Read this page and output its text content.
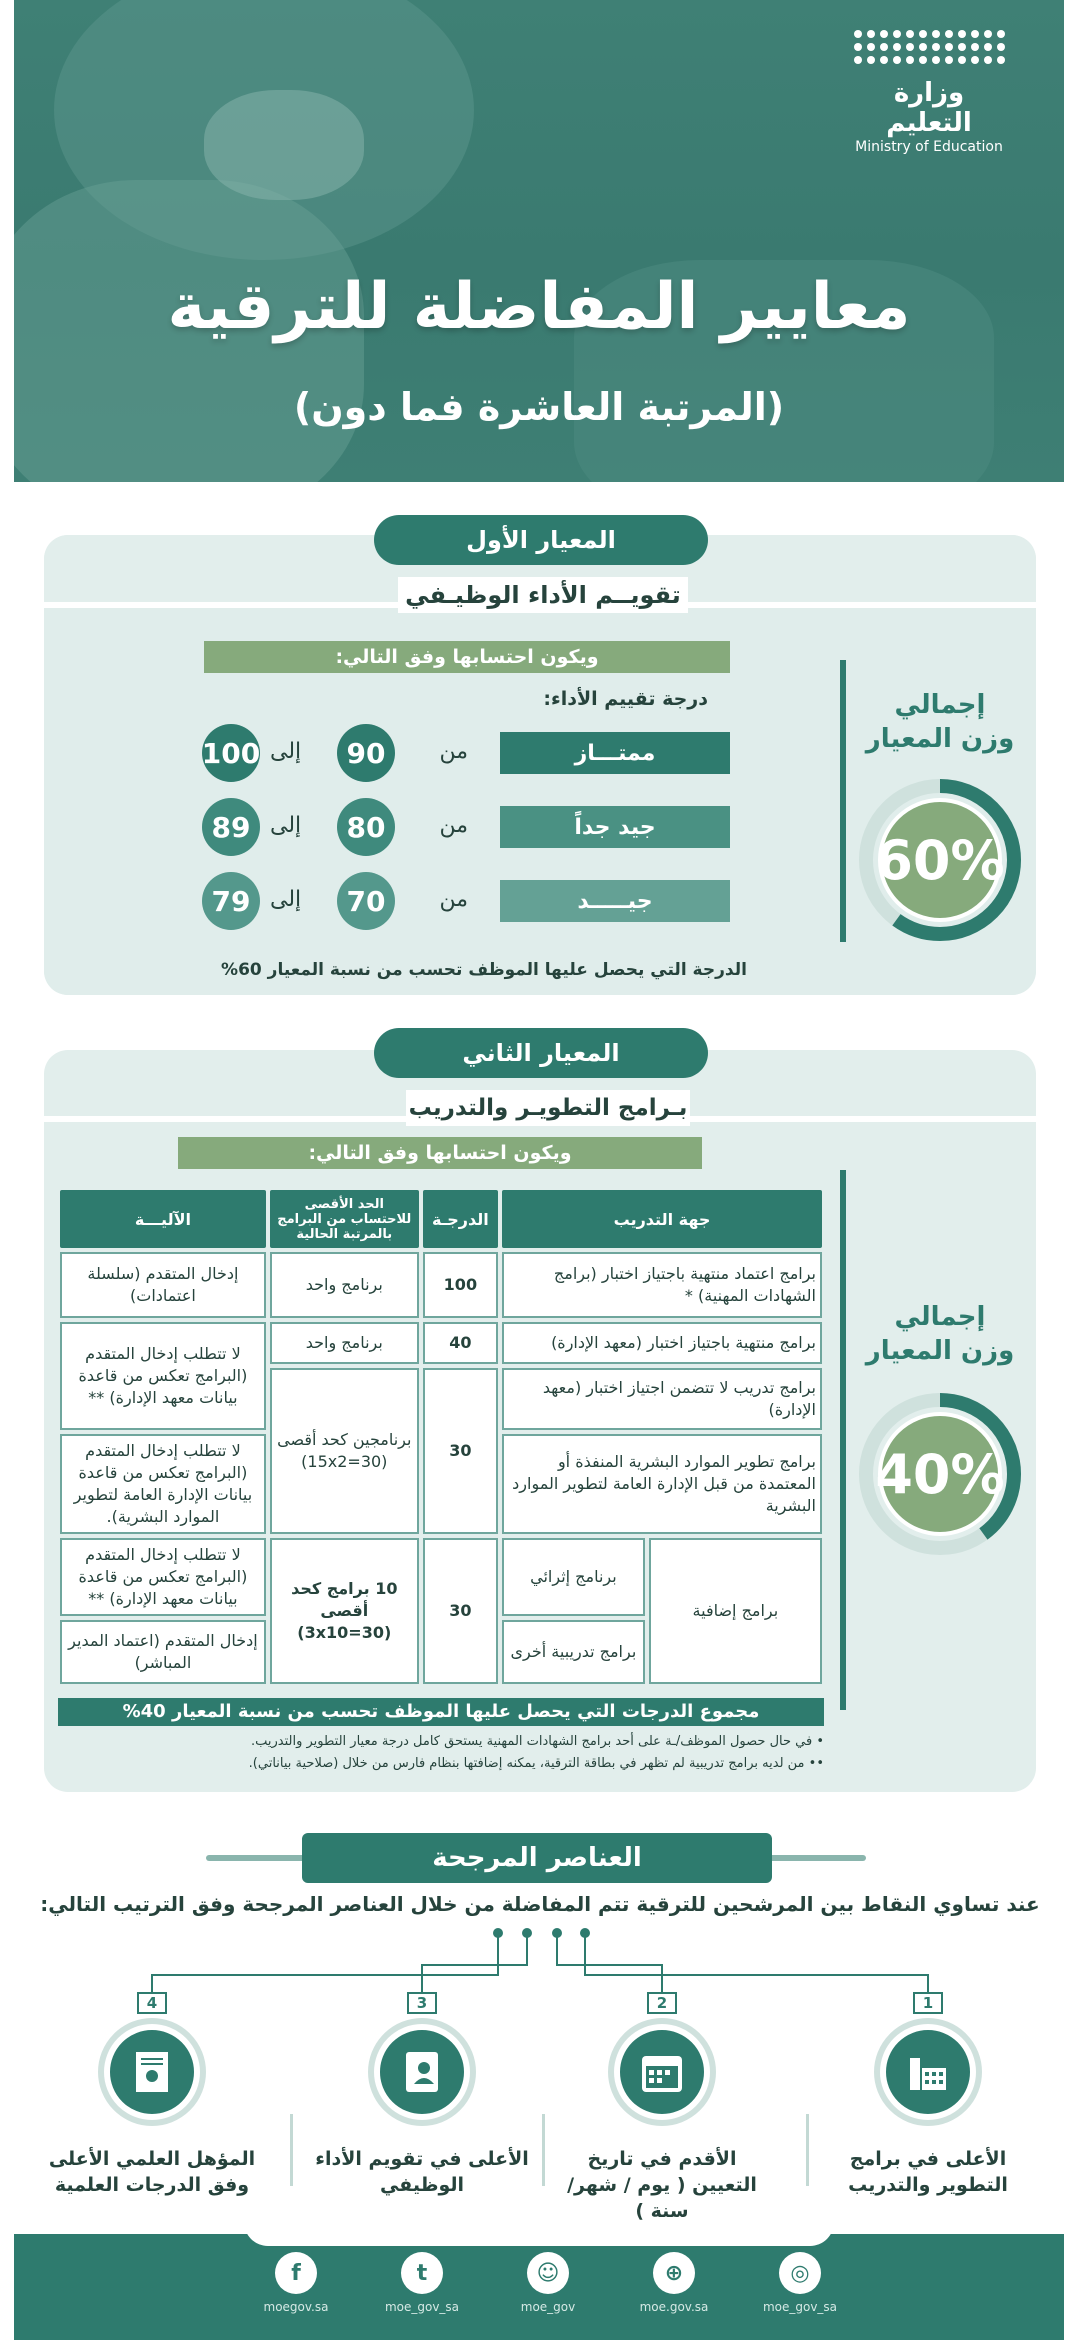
وزارة التعليم
Ministry of Education
معايير المفاضلة للترقية
(المرتبة العاشرة فما دون)
المعيار الأول
تقويــم الأداء الوظيـفي
ويكون احتسابها وفق التالي:
درجة تقييم الأداء:
ممتـــاز
من
90
إلى
100
جيد جداً
من
80
إلى
89
جيـــــد
من
70
إلى
79
الدرجة التي يحصل عليها الموظف تحسب من نسبة المعيار 60%
إجمالي
وزن المعيار
60%
المعيار الثاني
بـرامج التطويـر والتدريب
ويكون احتسابها وفق التالي:
جهة التدريب		الدرجـة	الحد الأقصى للاحتساب من البرامج بالمرتبة الحالية	الآليـــة
برامج اعتماد منتهية باجتياز اختبار (برامج الشهادات المهنية) *		100	برنامج واحد	إدخال المتقدم (سلسلة اعتمادات)
برامج منتهية باجتياز اختبار (معهد الإدارة)		40	برنامج واحد	لا تتطلب إدخال المتقدم (البرامج تعكس من قاعدة بيانات معهد الإدارة) **
برامج تدريب لا تتضمن اجتياز اختبار (معهد الإدارة)		30	برنامجين كحد أقصى (30=15x2)	
برامج تطوير الموارد البشرية المنفذة أو المعتمدة من قبل الإدارة العامة لتطوير الموارد البشرية				لا تتطلب إدخال المتقدم (البرامج تعكس من قاعدة بيانات الإدارة العامة لتطوير الموارد البشرية).
برامج إضافية	برنامج إثرائي	30	10 برامج كحد أقصى (30=3x10)	لا تتطلب إدخال المتقدم (البرامج تعكس من قاعدة بيانات معهد الإدارة) **
	برامج تدريبية أخرى			إدخال المتقدم (اعتماد المدير المباشر)
مجموع الدرجات التي يحصل عليها الموظف تحسب من نسبة المعيار 40%
• في حال حصول الموظف/ـة على أحد برامج الشهادات المهنية يستحق كامل درجة معيار التطوير والتدريب.
•• من لديه برامج تدريبية لم تظهر في بطاقة الترقية، يمكنه إضافتها بنظام فارس من خلال (صلاحية بياناتي).
إجمالي
وزن المعيار
40%
العناصر المرجحة
عند تساوي النقاط بين المرشحين للترقية تتم المفاضلة من خلال العناصر المرجحة وفق الترتيب التالي:
1
الأعلى في برامج التطوير والتدريب
2
الأقدم في تاريخ التعيين ( يوم / شهر/ سنة )
3
الأعلى في تقويم الأداء الوظيفي
4
المؤهل العلمي الأعلى وفق الدرجات العلمية
f
moegov.sa
t
moe_gov_sa
☺
moe_gov
⊕
moe.gov.sa
◎
moe_gov_sa
